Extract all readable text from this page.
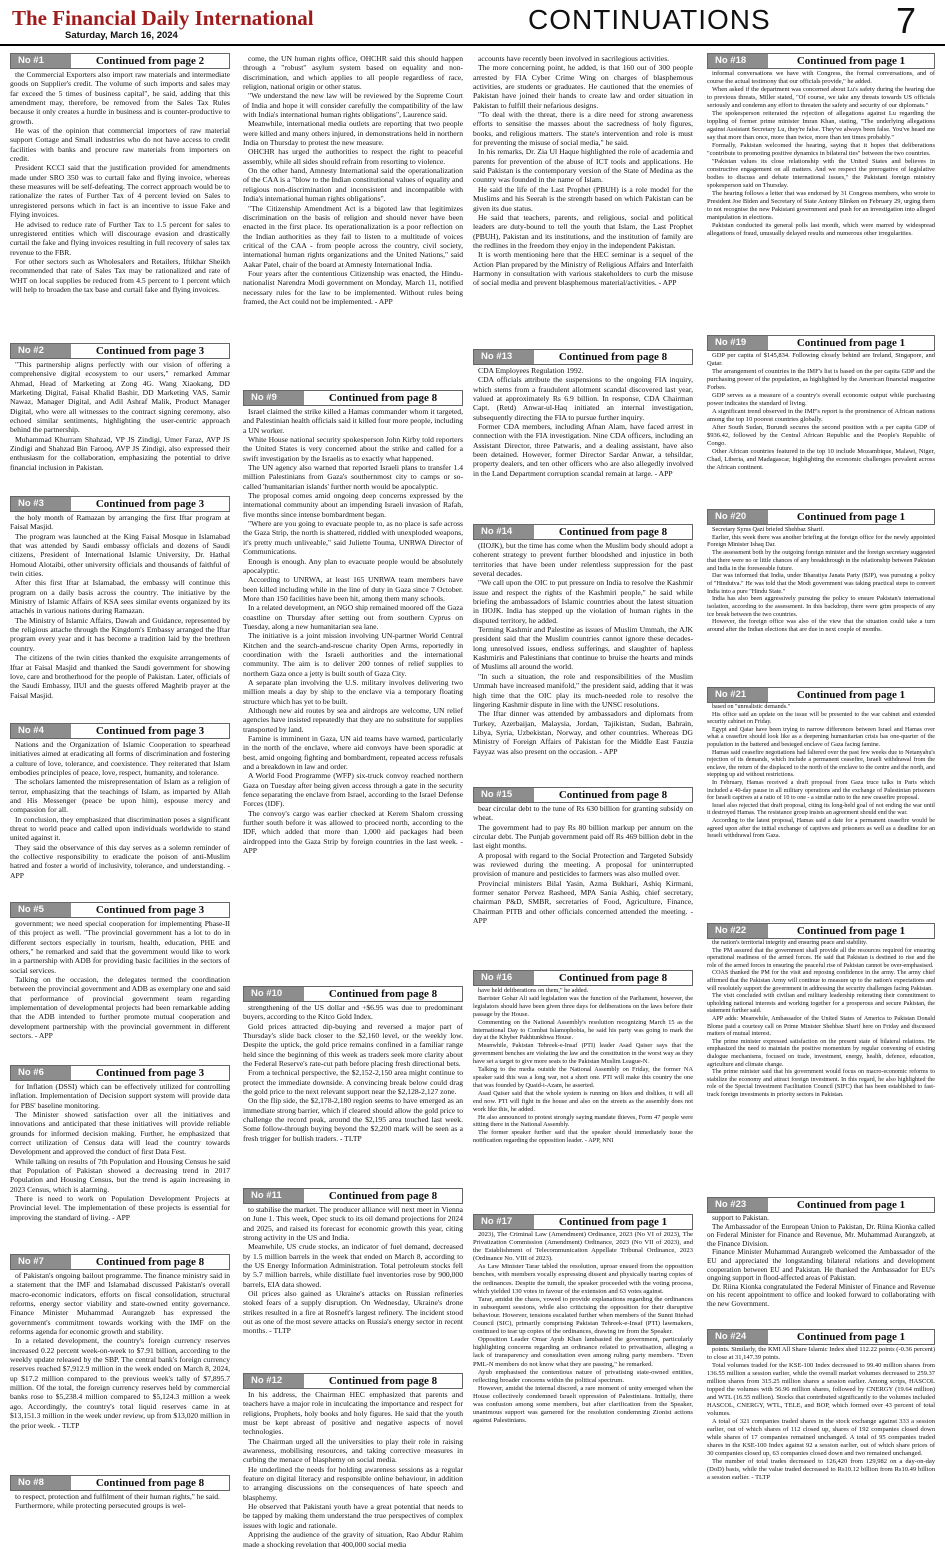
The Financial Daily International
Saturday, March 16, 2024
CONTINUATIONS	7
No #1	Continued from page 2

the Commercial Exporters also import raw materials and intermediate goods on Supplier's credit. The volume of such imports and sales may far exceed the 5 times of business capital", he said, adding that this amendment may, therefore, be removed from the Sales Tax Rules because it only creates a hurdle in business and is counter-productive to growth.

He was of the opinion that commercial importers of raw material support Cottage and Small industries who do not have access to credit facilities with banks and procure raw materials from importers on credit.

President KCCI said that the justification provided for amendments made under SRO 350 was to curtail fake and flying invoice, whereas these measures will be self-defeating. The correct approach would be to rationalize the rates of Further Tax of 4 percent levied on Sales to unregistered persons which in fact is an incentive to issue Fake and Flying invoices.

He advised to reduce rate of Further Tax to 1.5 percent for sales to unregistered entities which will discourage evasion and drastically curtail the fake and flying invoices resulting in full recovery of sales tax revenue to the FBR.

For other sectors such as Wholesalers and Retailers, Iftikhar Sheikh recommended that rate of Sales Tax may be rationalized and rate of WHT on local supplies be reduced from 4.5 percent to 1 percent which will help to broaden the tax base and curtail fake and flying invoices.

No #2	Continued from page 3

"This partnership aligns perfectly with our vision of offering a comprehensive digital ecosystem to our users," remarked Ammar Ahmad, Head of Marketing at Zong 4G. Wang Xiaokang, DD Marketing Digital, Faisal Khalid Bashir, DD Marketing VAS, Samir Nawaz, Manager Digital, and Adil Ashraf Malik, Product Manager Digital, who were all witnesses to the contract signing ceremony, also echoed similar sentiments, highlighting the user-centric approach behind the partnership.

Muhammad Khurram Shahzad, VP JS Zindigi, Umer Faraz, AVP JS Zindigi and Shahzad Bin Farooq, AVP JS Zindigi, also expressed their enthusiasm for the collaboration, emphasizing the potential to drive financial inclusion in Pakistan.

No #3	Continued from page 3

the holy month of Ramazan by arranging the first Iftar program at Faisal Masjid.

The program was launched at the King Faisal Mosque in Islamabad that was attended by Saudi embassy officials and dozens of Saudi citizens, President of International Islamic University, Dr. Hathal Homoud Alotaibi, other university officials and thousands of faithful of twin cities.

After this first Iftar at Islamabad, the embassy will continue this program on a daily basis across the country. The initiative by the Ministry of Islamic Affairs of KSA sees similar events organized by its attachés in various nations during Ramazan.

The Ministry of Islamic Affairs, Dawah and Guidance, represented by the religious attache through the Kingdom's Embassy arranged the Iftar program every year and it has become a tradition laid by the brethren country.

The citizens of the twin cities thanked the exquisite arrangements of Iftar at Faisal Masjid and thanked the Saudi government for showing love, care and brotherhood for the people of Pakistan. Later, officials of the Saudi Embassy, IIUI and the guests offered Maghrib prayer at the Faisal Masjid.

No #4	Continued from page 3

Nations and the Organization of Islamic Cooperation to spearhead initiatives aimed at eradicating all forms of discrimination and fostering a culture of love, tolerance, and coexistence. They reiterated that Islam embodies principles of peace, love, respect, humanity, and tolerance.

The scholars lamented the misrepresentation of Islam as a religion of terror, emphasizing that the teachings of Islam, as imparted by Allah and His Messenger (peace be upon him), espouse mercy and compassion for all.

In conclusion, they emphasized that discrimination poses a significant threat to world peace and called upon individuals worldwide to stand united against it.

They said the observance of this day serves as a solemn reminder of the collective responsibility to eradicate the poison of anti-Muslim hatred and foster a world of inclusivity, tolerance, and understanding. - APP

No #5	Continued from page 3

government; we need special cooperation for implementing Phase-II of this project as well. "The provincial government has a lot to do in different sectors especially in tourism, health, education, PHE and others," he remarked and said that the government would like to work in a partnership with ADB for providing basic facilities in the sectors of social services.

Talking on the occasion, the delegates termed the coordination between the provincial government and ADB as exemplary one and said that performance of provincial government team regarding implementation of developmental projects had been remarkable adding that the ADB intended to further promote mutual cooperation and development partnership with the provincial government in different sectors. - APP

No #6	Continued from page 3

for Inflation (DSSI) which can be effectively utilized for controlling inflation. Implementation of Decision support system will provide data for PBS' baseline monitoring.

The Minister showed satisfaction over all the initiatives and innovations and anticipated that these initiatives will provide reliable grounds for informed decision making. Further, he emphasized that correct utilization of Census data will lead the country towards Development and approved the conduct of first Data Fest.

While talking on results of 7th Population and Housing Census he said that Population of Pakistan showed a decreasing trend in 2017 Population and Housing Census, but the trend is again increasing in 2023 Census, which is alarming.

There is need to work on Population Development Projects at Provincial level. The implementation of these projects is essential for improving the standard of living. - APP

No #7	Continued from page 8

of Pakistan's ongoing bailout programme. The finance ministry said in a statement that the IMF and Islamabad discussed Pakistan's overall macro-economic indicators, efforts on fiscal consolidation, structural reforms, energy sector viability and state-owned entity governance. Finance Minister Muhammad Aurangzeb has expressed the government's commitment towards working with the IMF on the reforms agenda for economic growth and stability.

In a related development, the country's foreign currency reserves increased 0.22 percent week-on-week to $7.91 billion, according to the weekly update released by the SBP. The central bank's foreign currency reserves reached $7,912.9 million in the week ended on March 8, 2024, up $17.2 million compared to the previous week's tally of $7,895.7 million. Of the total, the foreign currency reserves held by commercial banks rose to $5,238.4 million compared to $5,124.3 million a week ago. Accordingly, the country's total liquid reserves came in at $13,151.3 million in the week under review, up from $13,020 million in the prior week. - TLTP

No #8	Continued from page 8

to respect, protection and fulfilment of their human rights," he said.

Furthermore, while protecting persecuted groups is wel-

come, the UN human rights office, OHCHR said this should happen through a "robust" asylum system based on equality and non-discrimination, and which applies to all people regardless of race, religion, national origin or other status.

"We understand the new law will be reviewed by the Supreme Court of India and hope it will consider carefully the compatibility of the law with India's international human rights obligations", Laurence said.

Meanwhile, international media outlets are reporting that two people were killed and many others injured, in demonstrations held in northern India on Thursday to protest the new measure.

OHCHR has urged the authorities to respect the right to peaceful assembly, while all sides should refrain from resorting to violence.

On the other hand, Amnesty International said the operationalization of the CAA is a "blow to the Indian constitutional values of equality and religious non-discrimination and inconsistent and incompatible with India's international human rights obligations".

"The Citizenship Amendment Act is a bigoted law that legitimizes discrimination on the basis of religion and should never have been enacted in the first place. Its operationalization is a poor reflection on the Indian authorities as they fail to listen to a multitude of voices critical of the CAA - from people across the country, civil society, international human rights organizations and the United Nations," said Aakar Patel, chair of the board at Amnesty International India.

Four years after the contentious Citizenship was enacted, the Hindu-nationalist Narendra Modi government on Monday, March 11, notified necessary rules for the law to be implemented. Without rules being framed, the Act could not be implemented. - APP

No #9	Continued from page 8

Israel claimed the strike killed a Hamas commander whom it targeted, and Palestinian health officials said it killed four more people, including a UN worker.

White House national security spokesperson John Kirby told reporters the United States is very concerned about the strike and called for a swift investigation by the Israelis as to exactly what happened.

The UN agency also warned that reported Israeli plans to transfer 1.4 million Palestinians from Gaza's southernmost city to camps or so-called 'humanitarian islands' further north would be apocalyptic.

The proposal comes amid ongoing deep concerns expressed by the international community about an impending Israeli invasion of Rafah, five months since intense bombardment began.

"Where are you going to evacuate people to, as no place is safe across the Gaza Strip, the north is shattered, riddled with unexploded weapons, it's pretty much unliveable," said Juliette Touma, UNRWA Director of Communications.

Enough is enough. Any plan to evacuate people would be absolutely apocalyptic.

According to UNRWA, at least 165 UNRWA team members have been killed including while in the line of duty in Gaza since 7 October. More than 150 facilities have been hit, among them many schools.

In a related development, an NGO ship remained moored off the Gaza coastline on Thursday after setting out from southern Cyprus on Tuesday, along a new humanitarian sea lane.

The initiative is a joint mission involving UN-partner World Central Kitchen and the search-and-rescue charity Open Arms, reportedly in coordination with the Israeli authorities and the international community. The aim is to deliver 200 tonnes of relief supplies to northern Gaza once a jetty is built south of Gaza City.

A separate plan involving the U.S. military involves delivering two million meals a day by ship to the enclave via a temporary floating structure which has yet to be built.

Although new aid routes by sea and airdrops are welcome, UN relief agencies have insisted repeatedly that they are no substitute for supplies transported by land.

Famine is imminent in Gaza, UN aid teams have warned, particularly in the north of the enclave, where aid convoys have been sporadic at best, amid ongoing fighting and bombardment, repeated access refusals and a breakdown in law and order.

A World Food Programme (WFP) six-truck convoy reached northern Gaza on Tuesday after being given access through a gate in the security fence separating the enclave from Israel, according to the Israel Defense Forces (IDF).

The convoy's cargo was earlier checked at Kerem Shalom crossing further south before it was allowed to proceed north, according to the IDF, which added that more than 1,000 aid packages had been airdropped into the Gaza Strip by foreign countries in the last week. - APP

No #10	Continued from page 8

strengthening of the US dollar and +$6.95 was due to predominant buyers, according to the Kitco Gold Index.

Gold prices attracted dip-buying and reversed a major part of Thursday's slide back closer to the $2,160 level, or the weekly low. Despite the uptick, the gold price remains confined in a familiar range held since the beginning of this week as traders seek more clarity about the Federal Reserve's rate-cut path before placing fresh directional bets.

From a technical perspective, the $2,152-2,150 area might continue to protect the immediate downside. A convincing break below could drag the gold price to the next relevant support near the $2,128-2,127 zone.

On the flip side, the $2,178-2,180 region seems to have emerged as an immediate strong barrier, which if cleared should allow the gold price to challenge the record peak, around the $2,195 area touched last week. Some follow-through buying beyond the $2,200 mark will be seen as a fresh trigger for bullish traders. - TLTP

No #11	Continued from page 8

to stabilise the market. The producer alliance will next meet in Vienna on June 1. This week, Opec stuck to its oil demand projections for 2024 and 2025, and raised its forecast for economic growth this year, citing strong activity in the US and India.

Meanwhile, US crude stocks, an indicator of fuel demand, decreased by 1.5 million barrels in the week that ended on March 8, according to the US Energy Information Administration. Total petroleum stocks fell by 5.7 million barrels, while distillate fuel inventories rose by 900,000 barrels, EIA data showed.

Oil prices also gained as Ukraine's attacks on Russian refineries stoked fears of a supply disruption. On Wednesday, Ukraine's drone strikes resulted in a fire at Rosneft's largest refinery. The incident stood out as one of the most severe attacks on Russia's energy sector in recent months. - TLTP

No #12	Continued from page 8

In his address, the Chairman HEC emphasized that parents and teachers have a major role in inculcating the importance and respect for religions, Prophets, holy books and holy figures. He said that the youth must be kept abreast of positive and negative aspects of novel technologies.

The Chairman urged all the universities to play their role in raising awareness, mobilising resources, and taking corrective measures in curbing the menace of blasphemy on social media.

He underlined the needs for holding awareness sessions as a regular feature on digital literacy and responsible online behaviour, in addition to arranging discussions on the consequences of hate speech and blasphemy.

He observed that Pakistani youth have a great potential that needs to be tapped by making them understand the true perspectives of complex issues with logic and rationale.

Apprising the audience of the gravity of situation, Rao Abdur Rahim made a shocking revelation that 400,000 social media

accounts have recently been involved in sacrilegious activities.

The more concerning point, he added, is that 160 out of 300 people arrested by FIA Cyber Crime Wing on charges of blasphemous activities, are students or graduates. He cautioned that the enemies of Pakistan have joined their hands to create law and order situation in Pakistan to fulfill their nefarious designs.

"To deal with the threat, there is a dire need for strong awareness efforts to sensitise the masses about the sacredness of holy figures, books, and religious matters. The state's intervention and role is must for preventing the misuse of social media," he said.

In his remarks, Dr. Zia Ul Haque highlighted the role of academia and parents for prevention of the abuse of ICT tools and applications. He said Pakistan is the contemporary version of the State of Medina as the country was founded in the name of Islam.

He said the life of the Last Prophet (PBUH) is a role model for the Muslims and his Seerah is the strength based on which Pakistan can be given its due status.

He said that teachers, parents, and religious, social and political leaders are duty-bound to tell the youth that Islam, the Last Prophet (PBUH), Pakistan and its institutions, and the institution of family are the redlines in the freedom they enjoy in the independent Pakistan.

It is worth mentioning here that the HEC seminar is a sequel of the Action Plan prepared by the Ministry of Religious Affairs and Interfaith Harmony in consultation with various stakeholders to curb the misuse of social media and prevent blasphemous material/activities. - APP

No #13	Continued from page 8

CDA Employees Regulation 1992.

CDA officials attribute the suspensions to the ongoing FIA inquiry, which stems from a fraudulent allotment scandal discovered last year, valued at approximately Rs 6.9 billion. In response, CDA Chairman Capt. (Retd) Anwar-ul-Haq initiated an internal investigation, subsequently directing the FIA to pursue further inquiry.

Former CDA members, including Afnan Alam, have faced arrest in connection with the FIA investigation. Nine CDA officers, including an Assistant Director, three Patwaris, and a dealing assistant, have also been detained. However, former Director Sardar Anwar, a tehsildar, property dealers, and ten other officers who are also allegedly involved in the Land Department corruption scandal remain at large. - APP

No #14	Continued from page 8

(IIOJK), but the time has come when the Muslim body should adopt a coherent strategy to prevent further bloodshed and injustice in both territories that have been under relentless suppression for the past several decades.

"We call upon the OIC to put pressure on India to resolve the Kashmir issue and respect the rights of the Kashmiri people," he said while briefing the ambassadors of Islamic countries about the latest situation in IIOJK. India has stepped up the violation of human rights in the disputed territory, he added.

Terming Kashmir and Palestine as issues of Muslim Ummah, the AJK president said that the Muslim countries cannot ignore these decades-long unresolved issues, endless sufferings, and slaughter of hapless Kashmiris and Palestinians that continue to bruise the hearts and minds of Muslims all around the world.

"In such a situation, the role and responsibilities of the Muslim Ummah have increased manifold," the president said, adding that it was high time that the OIC play its much-needed role to resolve the lingering Kashmir dispute in line with the UNSC resolutions.

The Iftar dinner was attended by ambassadors and diplomats from Turkey, Azerbaijan, Malaysia, Jordan, Tajikistan, Sudan, Bahrain, Libya, Syria, Uzbekistan, Norway, and other countries. Whereas DG Ministry of Foreign Affairs of Pakistan for the Middle East Fauzia Fayyaz was also present on the occasion. - APP

No #15	Continued from page 8

bear circular debt to the tune of Rs 630 billion for granting subsidy on wheat.

The government had to pay Rs 80 billion markup per annum on the circular debt. The Punjab government paid off Rs 469 billion debt in the last eight months.

A proposal with regard to the Social Protection and Targeted Subsidy was reviewed during the meeting. A proposal for uninterrupted provision of manure and pesticides to farmers was also mulled over.

Provincial ministers Bilal Yasin, Azma Bukhari, Ashiq Kirmani, former senator Pervez Rasheed, MPA Sania Ashiq, chief secretary, chairman P&D, SMBR, secretaries of Food, Agriculture, Finance, Chairman PITB and other officials concerned attended the meeting. - APP

No #16	Continued from page 8

have held deliberations on them," he added.

Barrister Gohar Ali said legislation was the function of the Parliament, however, the legislators should have been given three days for deliberations on the laws before their passage by the House.

Commenting on the National Assembly's resolution recognizing March 15 as the International Day to Combat Islamophobia, he said his party was going to mark the day at the Khyber Pakhtunkhwa House.

Meanwhile, Pakistan Tehreek-e-Insaf (PTI) leader Asad Qaiser says that the government benches are violating the law and the constitution in the worst way as they have set a target to give more seats to the Pakistan Muslim League-N.

Talking to the media outside the National Assembly on Friday, the former NA speaker said this was a long war, not a short one. PTI will make this country the one that was founded by Quaid-i-Azam, he asserted.

Asad Qaiser said that the whole system is running on likes and dislikes, it will all end now. PTI will fight in the house and also on the streets as the assembly does not work like this, he added.

He also announced to protest strongly saying mandate thieves, Form 47 people were sitting there in the National Assembly.

The former speaker further said that the speaker should immediately issue the notification regarding the opposition leader. - APP, NNI

No #17	Continued from page 1

2023), The Criminal Law (Amendment) Ordinance, 2023 (No VI of 2023), The Privatization Commission (Amendment) Ordinance, 2023 (No VII of 2023), and the Establishment of Telecommunication Appellate Tribunal Ordinance, 2023 (Ordinance No. VIII of 2023).

As Law Minister Tarar tabled the resolution, uproar ensued from the opposition benches, with members vocally expressing dissent and physically tearing copies of the ordinances. Despite the tumult, the speaker proceeded with the voting process, which yielded 130 votes in favour of the extension and 63 votes against.

Tarar, amidst the chaos, vowed to provide explanations regarding the ordinances in subsequent sessions, while also criticising the opposition for their disruptive behaviour. However, tensions escalated further when members of the Sunni Ittehad Council (SIC), primarily comprising Pakistan Tehreek-e-Insaf (PTI) lawmakers, continued to tear up copies of the ordinances, drawing ire from the Speaker.

Opposition Leader Omar Ayub Khan lambasted the government, particularly highlighting concerns regarding an ordinance related to privatisation, alleging a lack of transparency and consultation even among ruling party members. "Even PML-N members do not know what they are passing," he remarked.

Ayub emphasised the contentious nature of privatising state-owned entities, reflecting broader concerns within the political spectrum.

However, amidst the internal discord, a rare moment of unity emerged when the House collectively condemned Israeli oppression of Palestinians. Initially, there was confusion among some members, but after clarification from the Speaker, unanimous support was garnered for the resolution condemning Zionist actions against Palestinians.

No #18	Continued from page 1

informal conversations we have with Congress, the formal conversations, and of course the actual testimony that our officials provide," he added.

When asked if the department was concerned about Lu's safety during the hearing due to previous threats, Miller stated, "Of course, we take any threats towards US officials seriously and condemn any effort to threaten the safety and security of our diplomats."

The spokesperson reiterated the rejection of allegations against Lu regarding the toppling of former prime minister Imran Khan, stating, "The underlying allegations against Assistant Secretary Lu, they're false. They've always been false. You've heard me say that more than once, more than twice, more than ten times probably."

Formally, Pakistan welcomed the hearing, saying that it hopes that deliberations "contribute to promoting positive dynamics in bilateral ties" between the two countries.

"Pakistan values its close relationship with the United States and believes in constructive engagement on all matters. And we respect the prerogative of legislative bodies to discuss and debate international issues," the Pakistani foreign ministry spokesperson said on Thursday.

The hearing follows a letter that was endorsed by 31 Congress members, who wrote to President Joe Biden and Secretary of State Antony Blinken on February 29, urging them to not recognise the new Pakistani government and push for an investigation into alleged manipulation in elections.

Pakistan conducted its general polls last month, which were marred by widespread allegations of fraud, unusually delayed results and numerous other irregularities.

No #19	Continued from page 1

GDP per capita of $145,834. Following closely behind are Ireland, Singapore, and Qatar.

The arrangement of countries in the IMF's list is based on the per capita GDP and the purchasing power of the population, as highlighted by the American financial magazine Forbes.

GDP serves as a measure of a country's overall economic output while purchasing power indicates the standard of living.

A significant trend observed in the IMF's report is the prominence of African nations among the top 10 poorest countries globally.

After South Sudan, Burundi secures the second position with a per capita GDP of $936.42, followed by the Central African Republic and the People's Republic of Congo.

Other African countries featured in the top 10 include Mozambique, Malawi, Niger, Chad, Liberia, and Madagascar, highlighting the economic challenges prevalent across the African continent.

No #20	Continued from page 1

Secretary Syrus Qazi briefed Shehbaz Sharif.

Earlier, this week there was another briefing at the foreign office for the newly appointed Foreign Minister Ishaq Dar.

The assessment both by the outgoing foreign minister and the foreign secretary suggested that there were no or little chances of any breakthrough in the relationship between Pakistan and India in the foreseeable future.

Dar was informed that India, under Bharatiya Janata Party (BJP), was pursuing a policy of "Hindutva." He was told that the Modi government was taking practical steps to convert India into a pure "Hindu State."

India has also been aggressively pursuing the policy to ensure Pakistan's international isolation, according to the assessment. In this backdrop, there were grim prospects of any ice break between the two countries.

However, the foreign office was also of the view that the situation could take a turn around after the Indian elections that are due in next couple of months.

No #21	Continued from page 1

based on "unrealistic demands."

His office said an update on the issue will be presented to the war cabinet and extended security cabinet on Friday.

Egypt and Qatar have been trying to narrow differences between Israel and Hamas over what a ceasefire should look like as a deepening humanitarian crisis has one-quarter of the population in the battered and besieged enclave of Gaza facing famine.

Hamas said ceasefire negotiations had faltered over the past few weeks due to Netanyahu's rejection of its demands, which include a permanent ceasefire, Israeli withdrawal from the enclave, the return of the displaced to the north of the enclave to the centre and the north, and stepping up aid without restrictions.

In February, Hamas received a draft proposal from Gaza truce talks in Paris which included a 40-day pause in all military operations and the exchange of Palestinian prisoners for Israeli captives at a ratio of 10 to one - a similar ratio to the new ceasefire proposal.

Israel also rejected that draft proposal, citing its long-held goal of not ending the war until it destroyed Hamas. The resistance group insists an agreement should end the war.

According to the latest proposal, Hamas said a date for a permanent ceasefire would be agreed upon after the initial exchange of captives and prisoners as well as a deadline for an Israeli withdrawal from Gaza.

No #22	Continued from page 1

the nation's territorial integrity and ensuring peace and stability.

The PM assured that the government shall provide all the resources required for ensuring operational readiness of the armed forces. He said that Pakistan is destined to rise and the role of the armed forces in ensuring the peaceful rise of Pakistan cannot be over-emphasised.

COAS thanked the PM for the visit and reposing confidence in the army. The army chief affirmed that the Pakistan Army will continue to measure up to the nation's expectations and will resolutely support the government in addressing the security challenges facing Pakistan.

The visit concluded with civilian and military leadership reiterating their commitment to upholding national interests and working together for a prosperous and secure Pakistan, the statement further said.

APP adds: Meanwhile, Ambassador of the United States of America to Pakistan Donald Blome paid a courtesy call on Prime Minister Shehbaz Sharif here on Friday and discussed matters of mutual interest.

The prime minister expressed satisfaction on the present state of bilateral relations. He emphasized the need to maintain the positive momentum by regular convening of existing dialogue mechanisms, focused on trade, investment, energy, health, defence, education, agriculture and climate change.

The prime minister said that his government would focus on macro-economic reforms to stabilize the economy and attract foreign investment. In this regard, he also highlighted the role of the Special Investment Facilitation Council (SIFC) that has been established to fast-track foreign investments in priority sectors in Pakistan.

No #23	Continued from page 1

support to Pakistan.

The Ambassador of the European Union to Pakistan, Dr. Riina Kionka called on Federal Minister for Finance and Revenue, Mr. Muhammad Aurangzeb, at the Finance Division.

Finance Minister Muhammad Aurangzeb welcomed the Ambassador of the EU and appreciated the longstanding bilateral relations and development cooperation between EU and Pakistan. He thanked the Ambassador for EU's ongoing support in flood-affected areas of Pakistan.

Dr. Riina Kionka congratulated the Federal Minister of Finance and Revenue on his recent appointment to office and looked forward to collaborating with the new Government.

No #24	Continued from page 1

points. Similarly, the KMI All Share Islamic Index shed 112.22 points (-0.36 percent) to close at 31,147.39 points.

Total volumes traded for the KSE-100 Index decreased to 99.40 million shares from 136.55 million a session earlier, while the overall market volumes decreased to 259.37 million shares from 315.25 million shares a session earlier. Among scrips, HASCOL topped the volumes with 56.96 million shares, followed by CNERGY (19.64 million) and WTL (16.55 million). Stocks that contributed significantly to the volumes included HASCOL, CNERGY, WTL, TELE, and BOP, which formed over 43 percent of total volumes.

A total of 321 companies traded shares in the stock exchange against 333 a session earlier, out of which shares of 112 closed up, shares of 192 companies closed down while shares of 17 companies remained unchanged. A total of 95 companies traded shares in the KSE-100 Index against 92 a session earlier, out of which share prices of 30 companies closed up, 63 companies closed down and two remained unchanged.

The number of total trades decreased to 126,420 from 129,982 on a day-on-day (DoD) basis, while the value traded decreased to Rs10.12 billion from Rs10.49 billion a session earlier. - TLTP
